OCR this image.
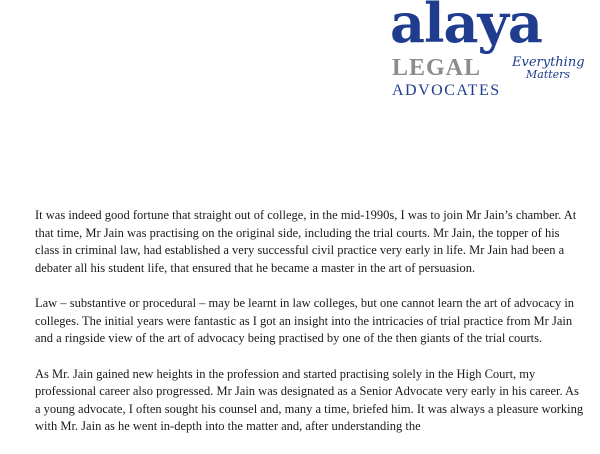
alaya
LEGAL
ADVOCATES
Everything
Matters

It was indeed good fortune that straight out of college, in the mid-1990s, I was to join Mr Jain’s chamber. At that time, Mr Jain was practising on the original side, including the trial courts. Mr Jain, the topper of his class in criminal law, had established a very successful civil practice very early in life. Mr Jain had been a debater all his student life, that ensured that he became a master in the art of persuasion.

Law – substantive or procedural – may be learnt in law colleges, but one cannot learn the art of advocacy in colleges. The initial years were fantastic as I got an insight into the intricacies of trial practice from Mr Jain and a ringside view of the art of advocacy being practised by one of the then giants of the trial courts.

As Mr. Jain gained new heights in the profession and started practising solely in the High Court, my professional career also progressed. Mr Jain was designated as a Senior Advocate very early in his career. As a young advocate, I often sought his counsel and, many a time, briefed him. It was always a pleasure working with Mr. Jain as he went in-depth into the matter and, after understanding the
